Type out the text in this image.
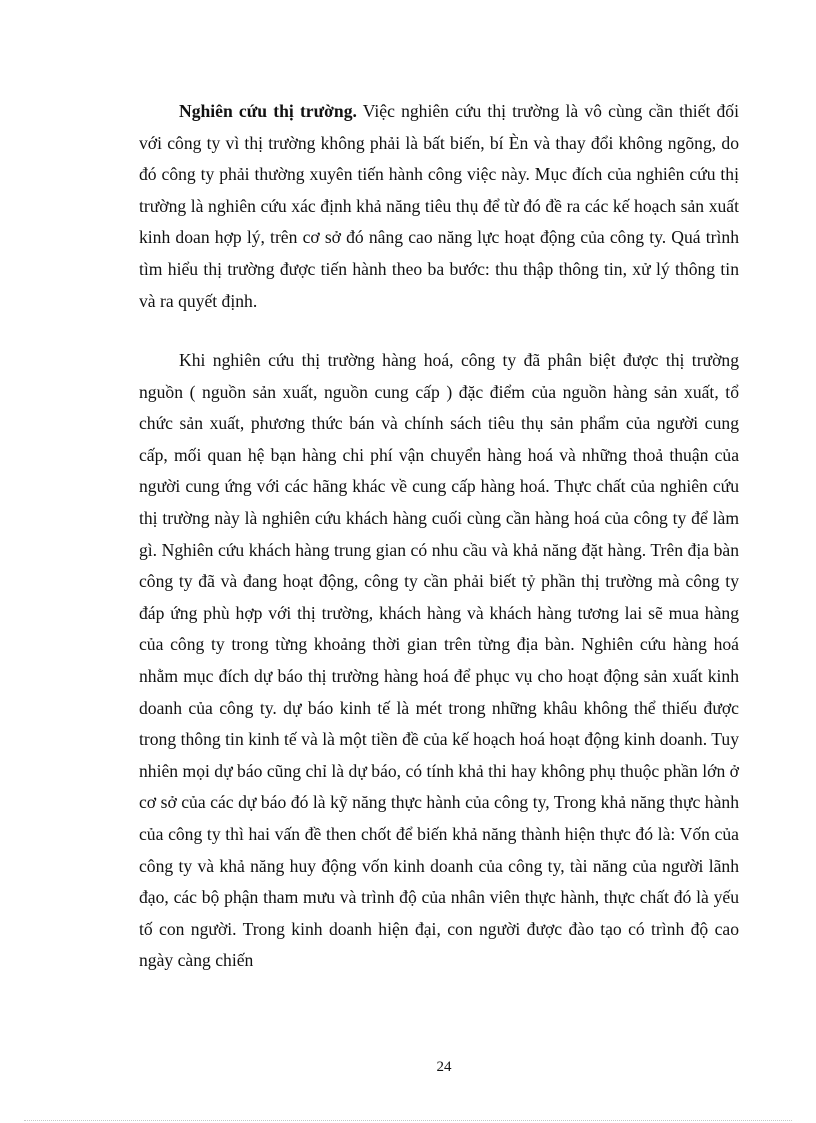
Nghiên cứu thị trường. Việc nghiên cứu thị trường là vô cùng cần thiết đối với công ty vì thị trường không phải là bất biến, bí Èn và thay đổi không ngõng, do đó công ty phải thường xuyên tiến hành công việc này. Mục đích của nghiên cứu thị trường là nghiên cứu xác định khả năng tiêu thụ để từ đó đề ra các kế hoạch sản xuất kinh doan hợp lý, trên cơ sở đó nâng cao năng lực hoạt động của công ty. Quá trình tìm hiểu thị trường được tiến hành theo ba bước: thu thập thông tin, xử lý thông tin và ra quyết định.

Khi nghiên cứu thị trường hàng hoá, công ty đã phân biệt được thị trường nguồn ( nguồn sản xuất, nguồn cung cấp ) đặc điểm của nguồn hàng sản xuất, tổ chức sản xuất, phương thức bán và chính sách tiêu thụ sản phẩm của người cung cấp, mối quan hệ bạn hàng chi phí vận chuyển hàng hoá và những thoả thuận của người cung ứng với các hãng khác về cung cấp hàng hoá. Thực chất của nghiên cứu thị trường này là nghiên cứu khách hàng cuối cùng cần hàng hoá của công ty để làm gì. Nghiên cứu khách hàng trung gian có nhu cầu và khả năng đặt hàng. Trên địa bàn công ty đã và đang hoạt động, công ty cần phải biết tỷ phần thị trường mà công ty đáp ứng phù hợp với thị trường, khách hàng và khách hàng tương lai sẽ mua hàng của công ty trong từng khoảng thời gian trên từng địa bàn. Nghiên cứu hàng hoá nhằm mục đích dự báo thị trường hàng hoá để phục vụ cho hoạt động sản xuất kinh doanh của công ty. dự báo kinh tế là mét trong những khâu không thể thiếu được trong thông tin kinh tế và là một tiền đề của kế hoạch hoá hoạt động kinh doanh. Tuy nhiên mọi dự báo cũng chỉ là dự báo, có tính khả thi hay không phụ thuộc phần lớn ở cơ sở của các dự báo đó là kỹ năng thực hành của công ty, Trong khả năng thực hành của công ty thì hai vấn đề then chốt để biến khả năng thành hiện thực đó là: Vốn của công ty và khả năng huy động vốn kinh doanh của công ty, tài năng của người lãnh đạo, các bộ phận tham mưu và trình độ của nhân viên thực hành, thực chất đó là yếu tố con người. Trong kinh doanh hiện đại, con người được đào tạo có trình độ cao ngày càng chiến

24
